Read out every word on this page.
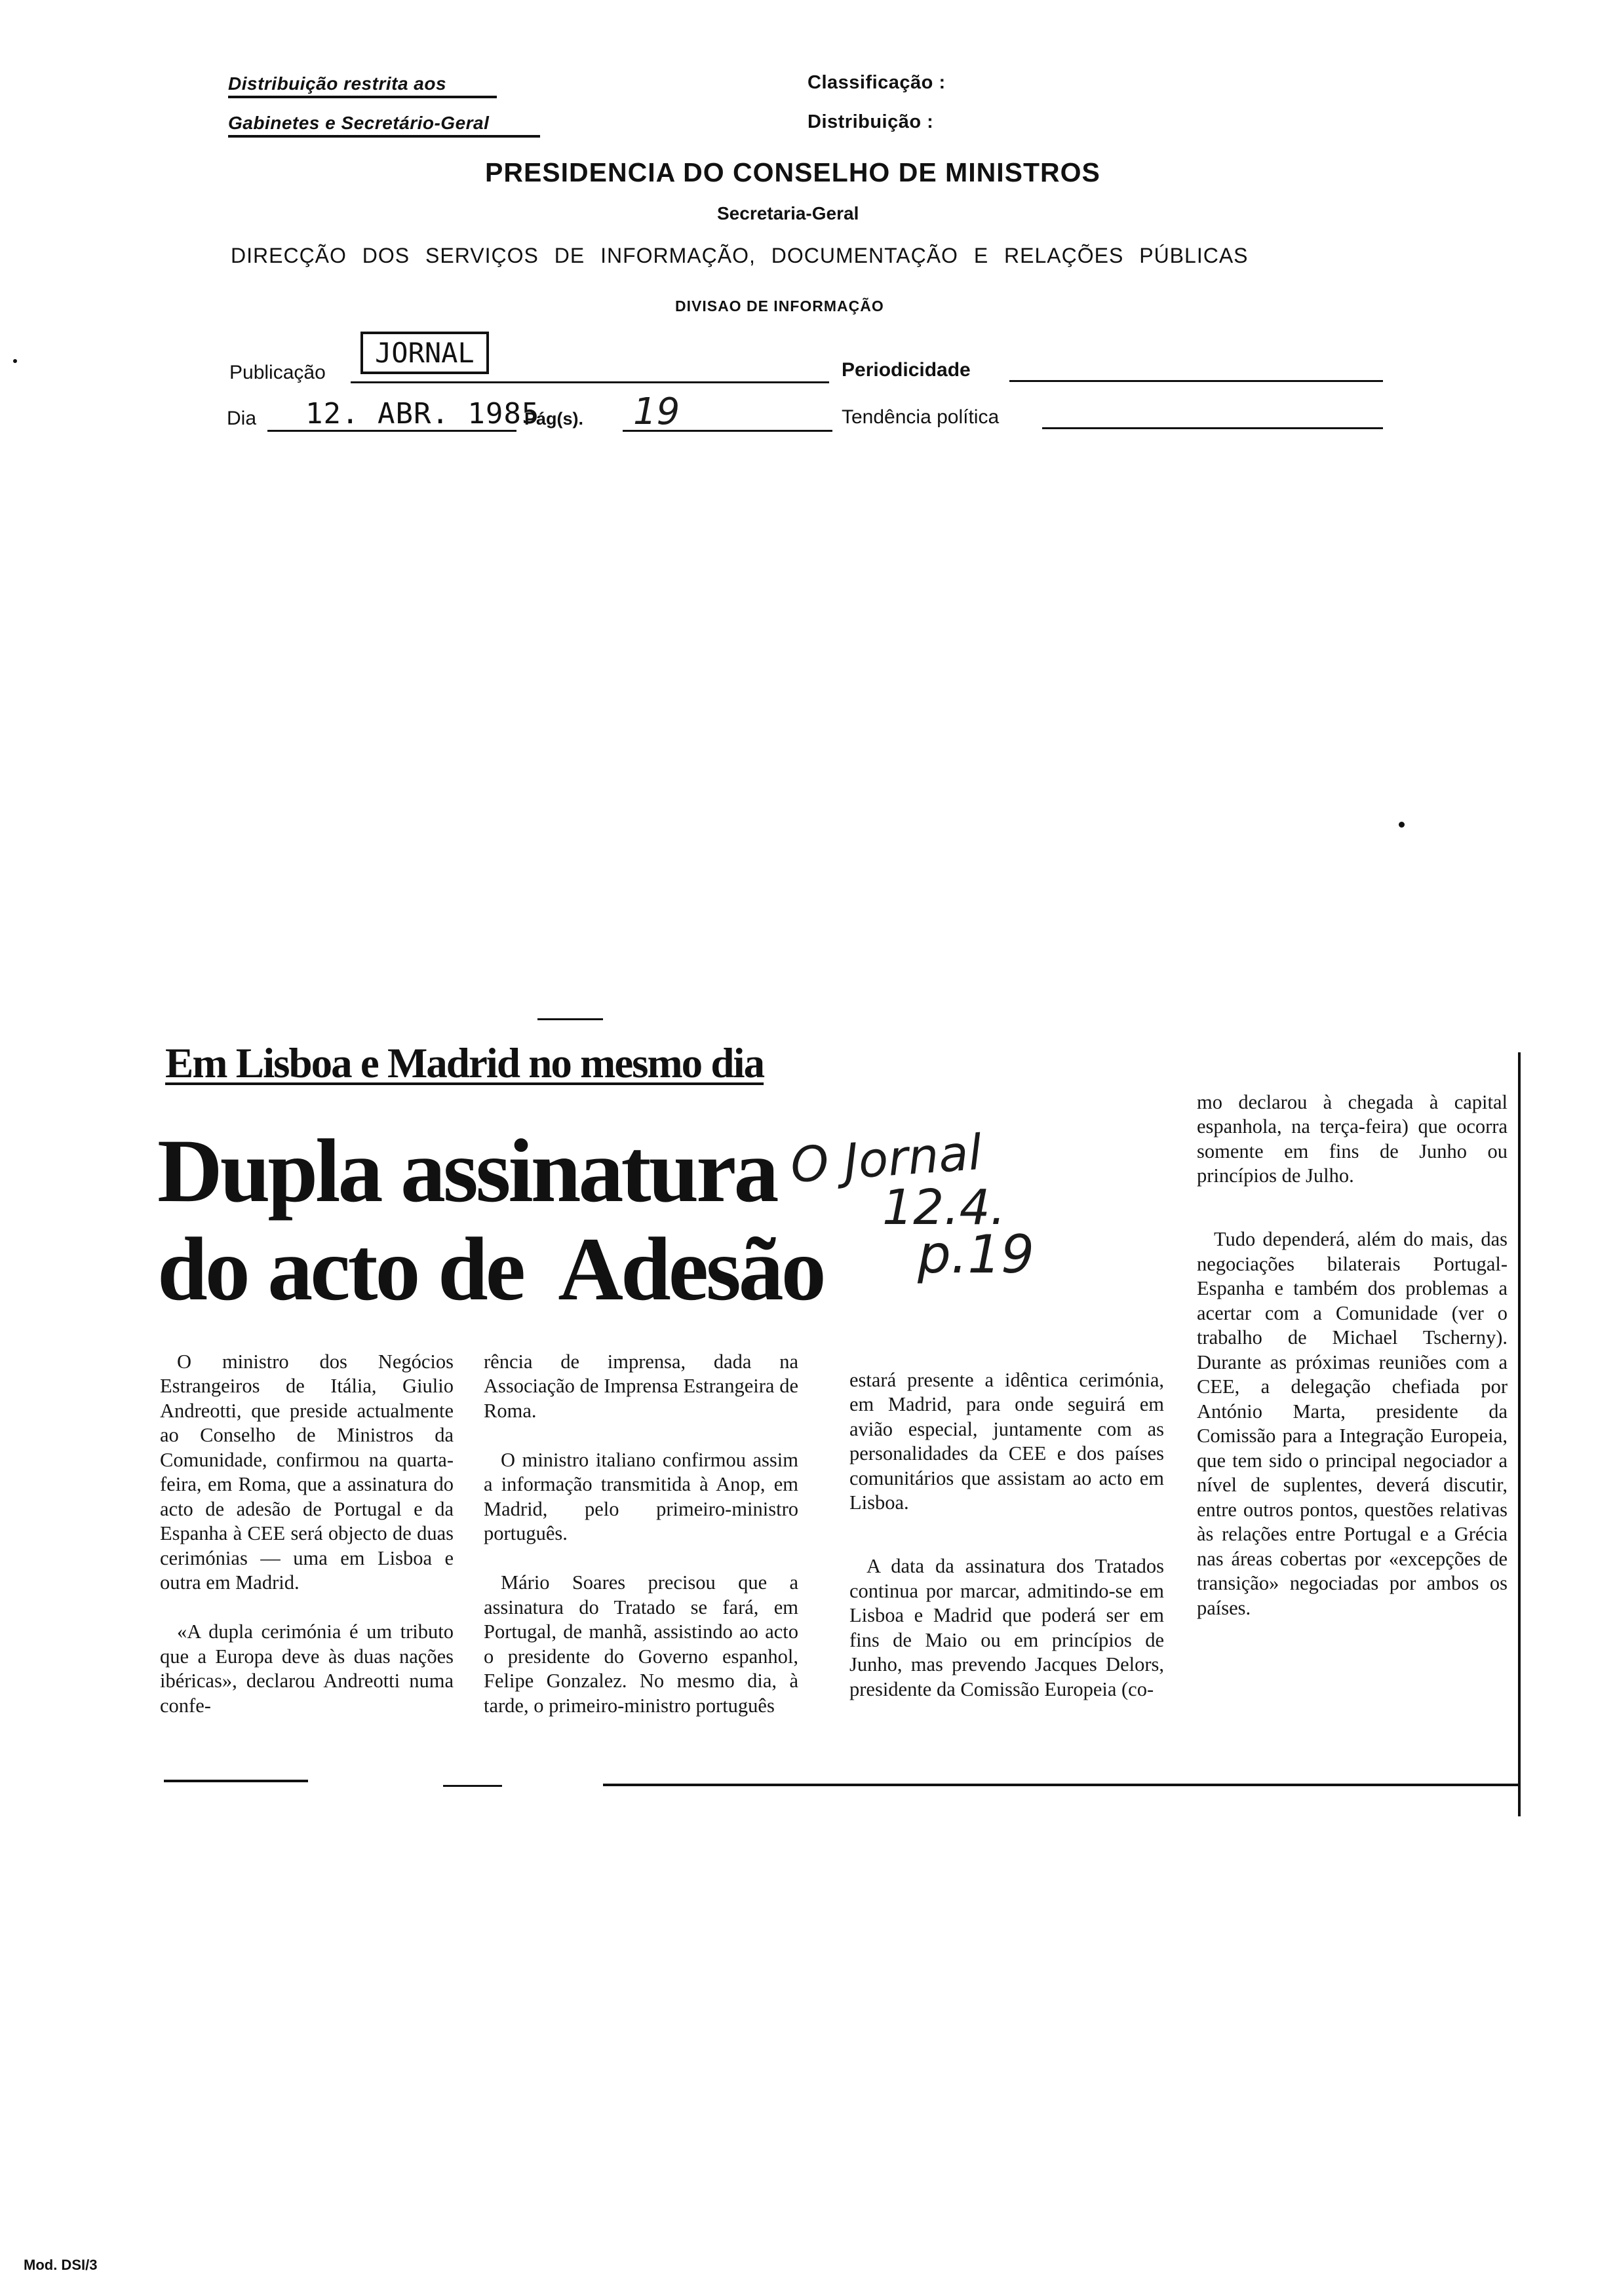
Distribuição restrita aos
Gabinetes e Secretário-Geral
Classificação :
Distribuição :
PRESIDENCIA DO CONSELHO DE MINISTROS
Secretaria-Geral
DIRECÇÃO DOS SERVIÇOS DE INFORMAÇÃO, DOCUMENTAÇÃO E RELAÇÕES PÚBLICAS
DIVISAO DE INFORMAÇÃO
Publicação
JORNAL
Periodicidade
Dia 12. ABR. 1985
Pág(s). 19	Tendência política
Em Lisboa e Madrid no mesmo dia
Dupla assinatura
do acto de  Adesão
O Jornal
12.4.
p.19

O ministro dos Negócios Estrangeiros de Itália, Giulio Andreotti, que preside actualmente ao Conselho de Ministros da Comunidade, confirmou na quarta-feira, em Roma, que a assinatura do acto de adesão de Portugal e da Espanha à CEE será objecto de duas cerimónias — uma em Lisboa e outra em Madrid.

«A dupla cerimónia é um tributo que a Europa deve às duas nações ibéricas», declarou Andreotti numa confe-

rência de imprensa, dada na Associação de Imprensa Estrangeira de Roma.

O ministro italiano confirmou assim a informação transmitida à Anop, em Madrid, pelo primeiro-ministro português.

Mário Soares precisou que a assinatura do Tratado se fará, em Portugal, de manhã, assistindo ao acto o presidente do Governo espanhol, Felipe Gonzalez. No mesmo dia, à tarde, o primeiro-ministro português

estará presente a idêntica cerimónia, em Madrid, para onde seguirá em avião especial, juntamente com as personalidades da CEE e dos países comunitários que assistam ao acto em Lisboa.

A data da assinatura dos Tratados continua por marcar, admitindo-se em Lisboa e Madrid que poderá ser em fins de Maio ou em princípios de Junho, mas prevendo Jacques Delors, presidente da Comissão Europeia (co-

mo declarou à chegada à capital espanhola, na terça-feira) que ocorra somente em fins de Junho ou princípios de Julho.

Tudo dependerá, além do mais, das negociações bilaterais Portugal-Espanha e também dos problemas a acertar com a Comunidade (ver o trabalho de Michael Tscherny). Durante as próximas reuniões com a CEE, a delegação chefiada por António Marta, presidente da Comissão para a Integração Europeia, que tem sido o principal negociador a nível de suplentes, deverá discutir, entre outros pontos, questões relativas às relações entre Portugal e a Grécia nas áreas cobertas por «excepções de transição» negociadas por ambos os países.

Mod. DSI/3
